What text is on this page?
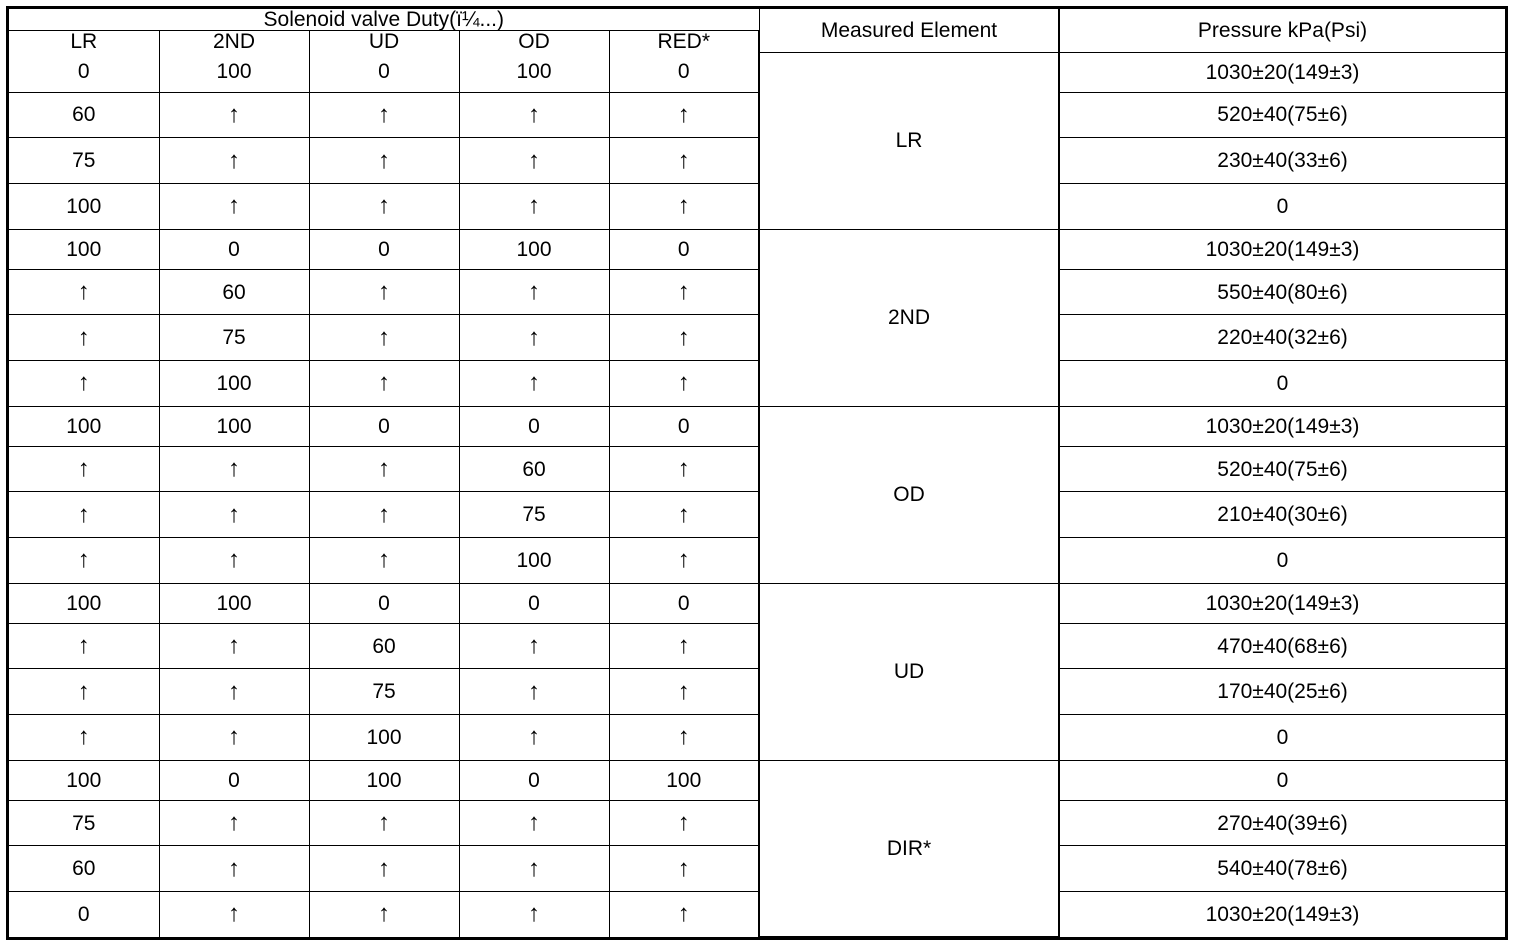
Solenoid valve Duty(ï¼...)					Measured Element	Pressure kPa(Psi)
LR	2ND	UD	OD	RED*		
0	100	0	100	0	LR	1030±20(149±3)
60	↑	↑	↑	↑		520±40(75±6)
75	↑	↑	↑	↑		230±40(33±6)
100	↑	↑	↑	↑		0
100	0	0	100	0	2ND	1030±20(149±3)
↑	60	↑	↑	↑		550±40(80±6)
↑	75	↑	↑	↑		220±40(32±6)
↑	100	↑	↑	↑		0
100	100	0	0	0	OD	1030±20(149±3)
↑	↑	↑	60	↑		520±40(75±6)
↑	↑	↑	75	↑		210±40(30±6)
↑	↑	↑	100	↑		0
100	100	0	0	0	UD	1030±20(149±3)
↑	↑	60	↑	↑		470±40(68±6)
↑	↑	75	↑	↑		170±40(25±6)
↑	↑	100	↑	↑		0
100	0	100	0	100	DIR*	0
75	↑	↑	↑	↑		270±40(39±6)
60	↑	↑	↑	↑		540±40(78±6)
0	↑	↑	↑	↑		1030±20(149±3)
